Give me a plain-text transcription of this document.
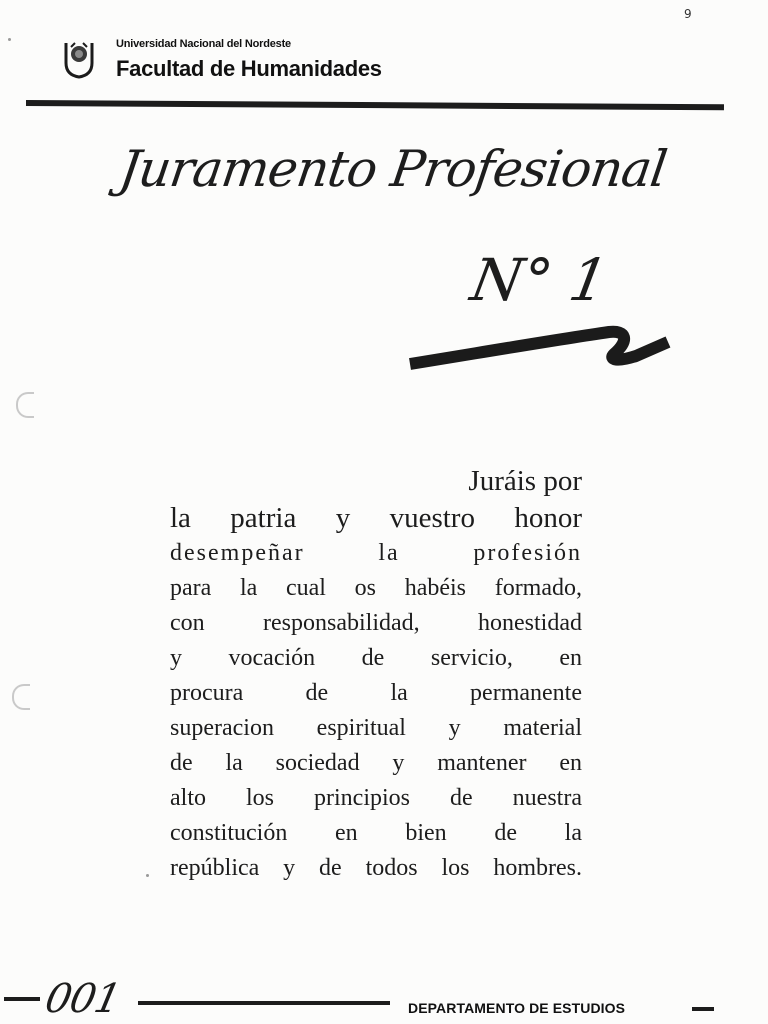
6
Universidad Nacional del Nordeste
Facultad de Humanidades
Juramento Profesional
N° 1
Juráis por
la patria y vuestro honor
desempeñar la profesión
para la cual os habéis formado,
con responsabilidad, honestidad
y vocación de servicio, en
procura de la permanente
superacion espiritual y material
de la sociedad y mantener en
alto los principios de nuestra
constitución en bien de la
república y de todos los hombres.
001	DEPARTAMENTO DE ESTUDIOS
